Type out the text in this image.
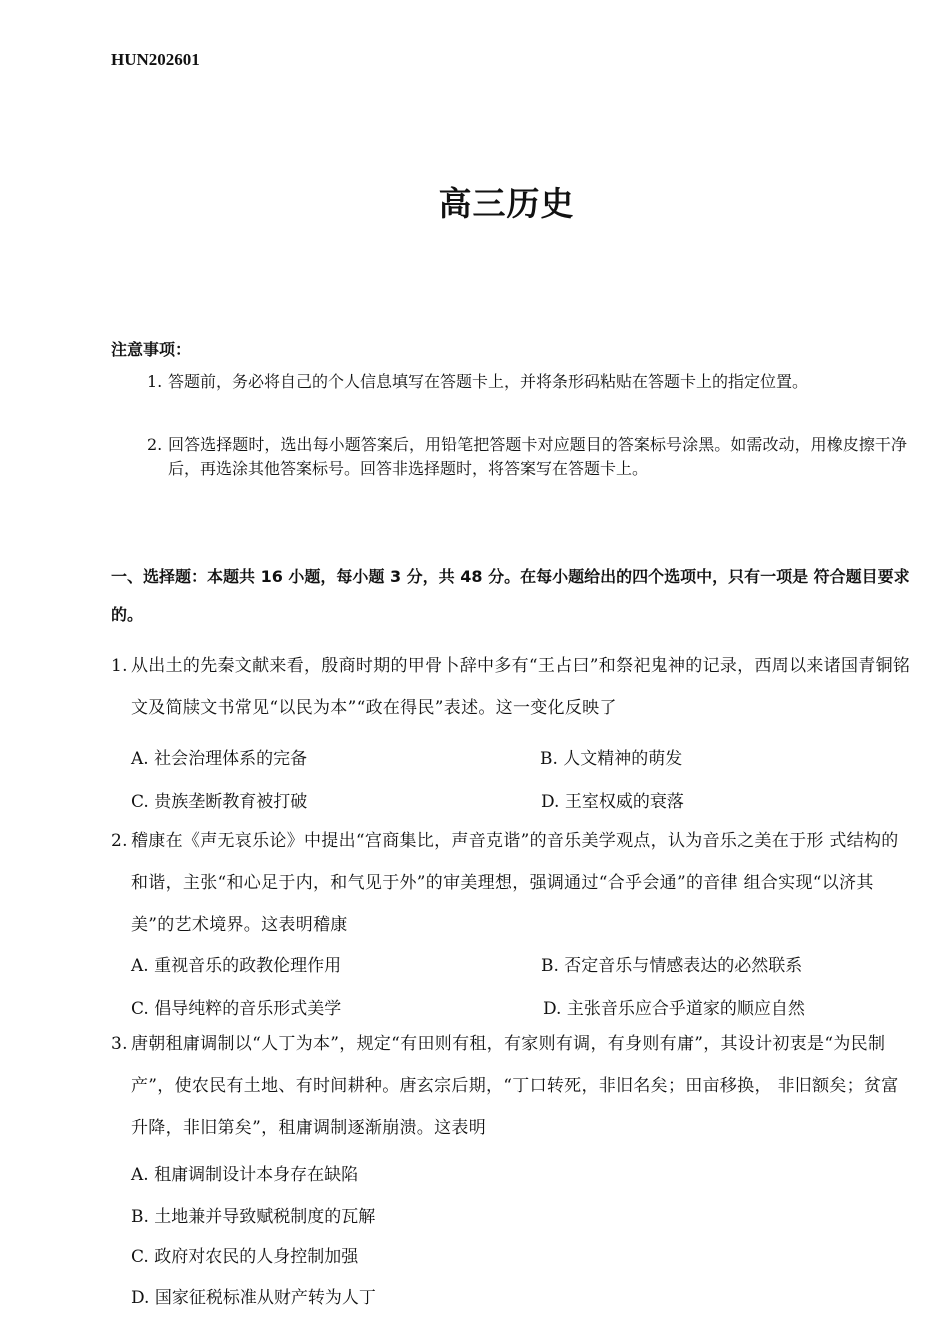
HUN202601
高三历史
注意事项：
1. 答题前，务必将自己的个人信息填写在答题卡上，并将条形码粘贴在答题卡上的指定位置。
2. 回答选择题时，选出每小题答案后，用铅笔把答题卡对应题目的答案标号涂黑。如需改动，用橡皮擦干净后，再选涂其他答案标号。回答非选择题时，将答案写在答题卡上。
一、选择题：本题共 16 小题，每小题 3 分，共 48 分。在每小题给出的四个选项中，只有一项是 符合题目要求的。
1. 从出土的先秦文献来看，殷商时期的甲骨卜辞中多有“王占曰”和祭祀鬼神的记录，西周以来诸国青铜铭文及简牍文书常见“以民为本”“政在得民”表述。这一变化反映了
A. 社会治理体系的完备	B. 人文精神的萌发
C. 贵族垄断教育被打破	D. 王室权威的衰落
2. 稽康在《声无哀乐论》中提出“宫商集比，声音克谐”的音乐美学观点，认为音乐之美在于形 式结构的和谐，主张“和心足于内，和气见于外”的审美理想，强调通过“合乎会通”的音律 组合实现“以济其美”的艺术境界。这表明稽康
A. 重视音乐的政教伦理作用	B. 否定音乐与情感表达的必然联系
C. 倡导纯粹的音乐形式美学	D. 主张音乐应合乎道家的顺应自然
3. 唐朝租庸调制以“人丁为本”，规定“有田则有租，有家则有调，有身则有庸”，其设计初衷是“为民制产”，使农民有土地、有时间耕种。唐玄宗后期，“丁口转死，非旧名矣；田亩移换， 非旧额矣；贫富升降，非旧第矣”，租庸调制逐渐崩溃。这表明
A. 租庸调制设计本身存在缺陷
B. 土地兼并导致赋税制度的瓦解
C. 政府对农民的人身控制加强
D. 国家征税标准从财产转为人丁
